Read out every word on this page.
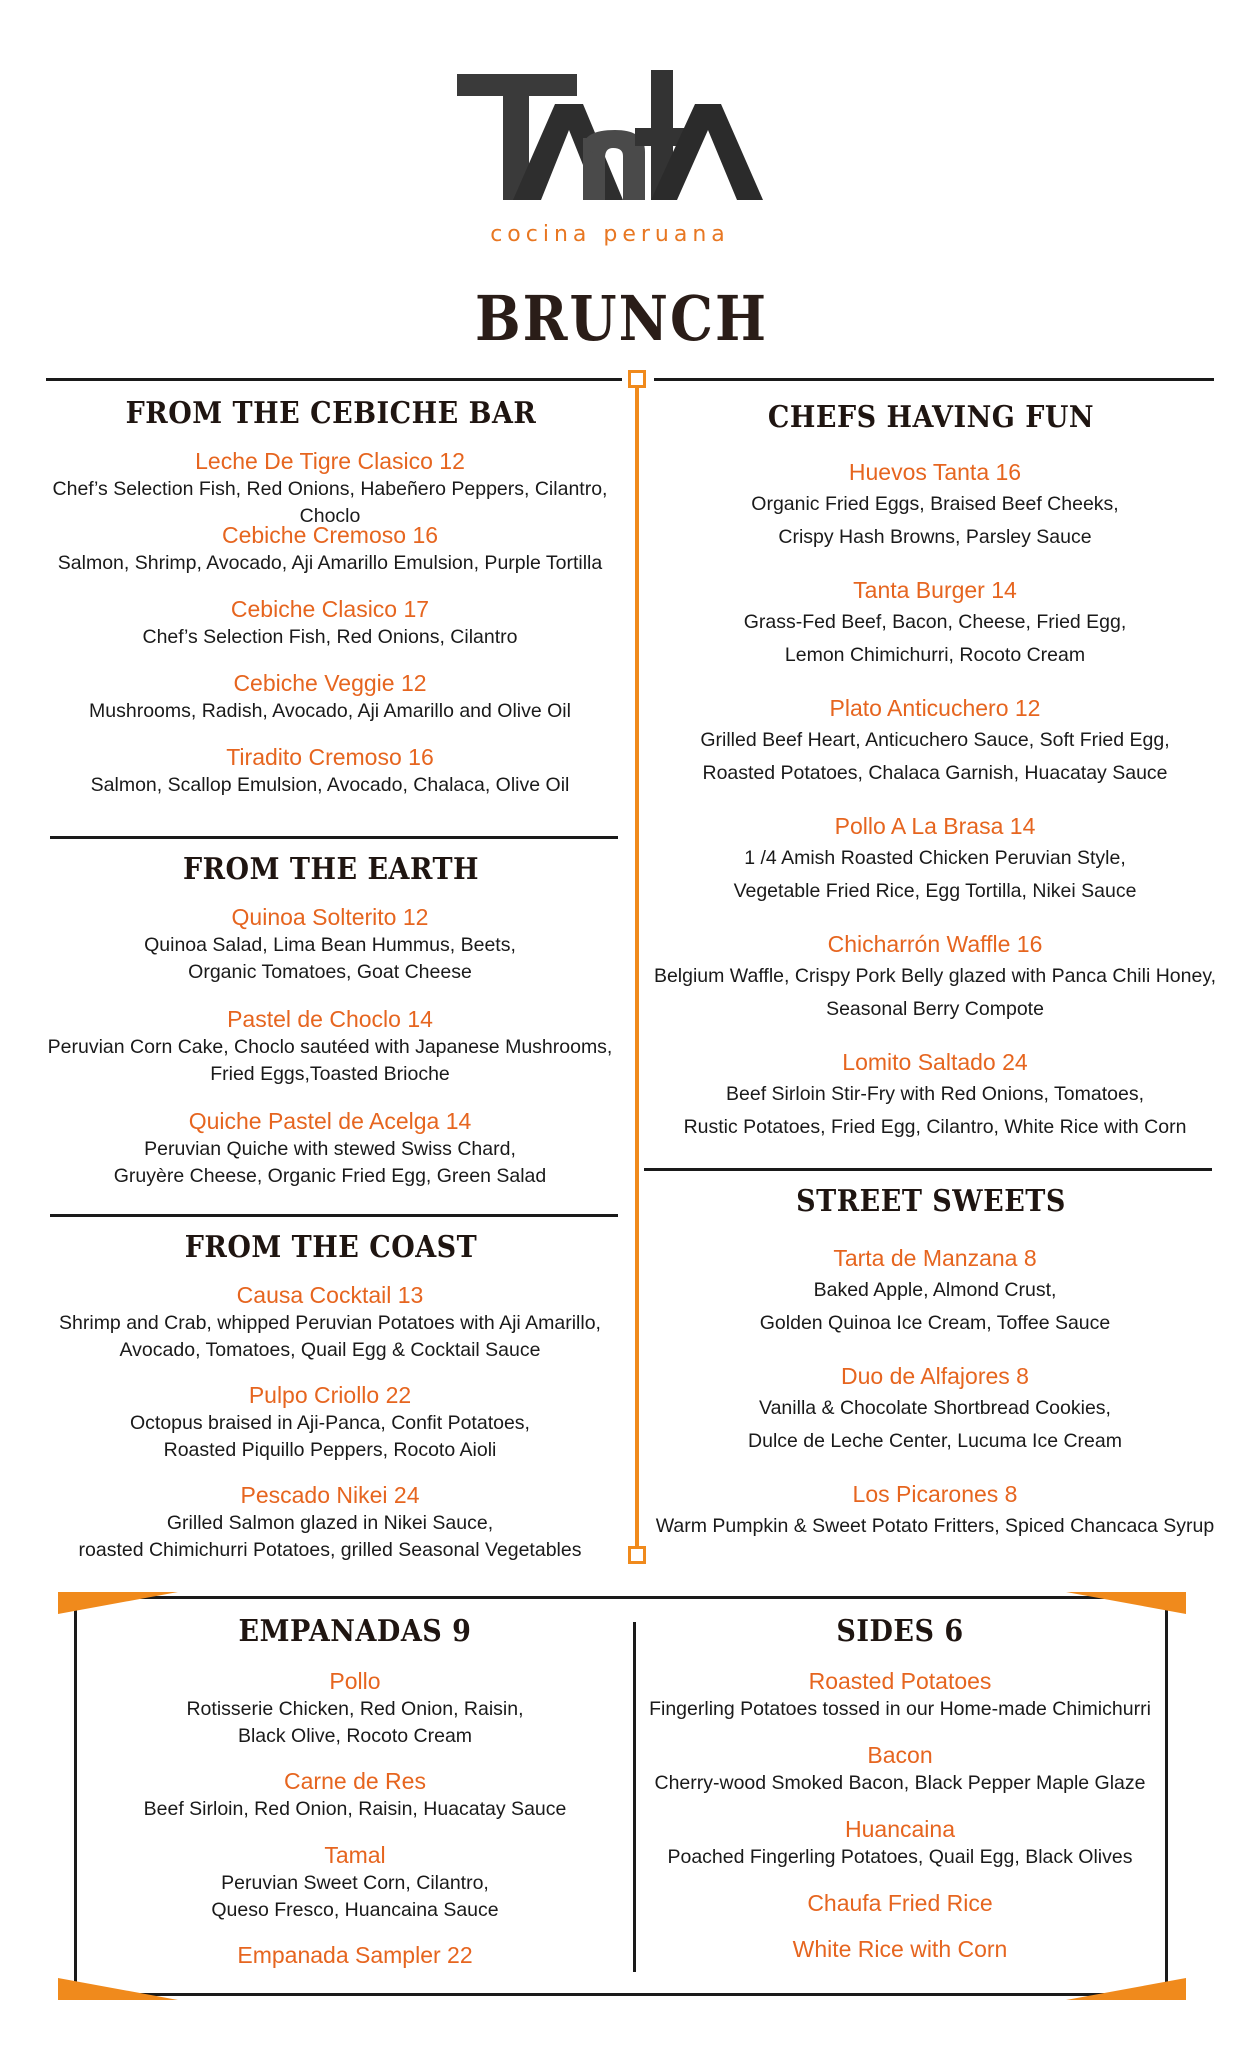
cocina peruana
BRUNCH
FROM THE CEBICHE BAR
Leche De Tigre Clasico 12
Chef’s Selection Fish, Red Onions, Habeñero Peppers, Cilantro, Choclo
Cebiche Cremoso 16
Salmon, Shrimp, Avocado, Aji Amarillo Emulsion, Purple Tortilla
Cebiche Clasico 17
Chef’s Selection Fish, Red Onions, Cilantro
Cebiche Veggie 12
Mushrooms, Radish, Avocado, Aji Amarillo and Olive Oil
Tiradito Cremoso 16
Salmon, Scallop Emulsion, Avocado, Chalaca, Olive Oil
FROM THE EARTH
Quinoa Solterito 12
Quinoa Salad, Lima Bean Hummus, Beets,
Organic Tomatoes, Goat Cheese
Pastel de Choclo 14
Peruvian Corn Cake, Choclo sautéed with Japanese Mushrooms,
Fried Eggs,Toasted Brioche
Quiche Pastel de Acelga 14
Peruvian Quiche with stewed Swiss Chard,
Gruyère Cheese, Organic Fried Egg, Green Salad
FROM THE COAST
Causa Cocktail 13
Shrimp and Crab, whipped Peruvian Potatoes with Aji Amarillo,
Avocado, Tomatoes, Quail Egg & Cocktail Sauce
Pulpo Criollo 22
Octopus braised in Aji-Panca, Confit Potatoes,
Roasted Piquillo Peppers, Rocoto Aioli
Pescado Nikei 24
Grilled Salmon glazed in Nikei Sauce,
roasted Chimichurri Potatoes, grilled Seasonal Vegetables
CHEFS HAVING FUN
Huevos Tanta 16
Organic Fried Eggs, Braised Beef Cheeks,
Crispy Hash Browns, Parsley Sauce
Tanta Burger 14
Grass-Fed Beef, Bacon, Cheese, Fried Egg,
Lemon Chimichurri, Rocoto Cream
Plato Anticuchero 12
Grilled Beef Heart, Anticuchero Sauce, Soft Fried Egg,
Roasted Potatoes, Chalaca Garnish, Huacatay Sauce
Pollo A La Brasa 14
1 /4 Amish Roasted Chicken Peruvian Style,
Vegetable Fried Rice, Egg Tortilla, Nikei Sauce
Chicharrón Waffle 16
Belgium Waffle, Crispy Pork Belly glazed with Panca Chili Honey,
Seasonal Berry Compote
Lomito Saltado 24
Beef Sirloin Stir-Fry with Red Onions, Tomatoes,
Rustic Potatoes, Fried Egg, Cilantro, White Rice with Corn
STREET SWEETS
Tarta de Manzana 8
Baked Apple, Almond Crust,
Golden Quinoa Ice Cream, Toffee Sauce
Duo de Alfajores 8
Vanilla & Chocolate Shortbread Cookies,
Dulce de Leche Center, Lucuma Ice Cream
Los Picarones 8
Warm Pumpkin & Sweet Potato Fritters, Spiced Chancaca Syrup
EMPANADAS 9
Pollo
Rotisserie Chicken, Red Onion, Raisin,
Black Olive, Rocoto Cream
Carne de Res
Beef Sirloin, Red Onion, Raisin, Huacatay Sauce
Tamal
Peruvian Sweet Corn, Cilantro,
Queso Fresco, Huancaina Sauce
Empanada Sampler 22
SIDES 6
Roasted Potatoes
Fingerling Potatoes tossed in our Home-made Chimichurri
Bacon
Cherry-wood Smoked Bacon, Black Pepper Maple Glaze
Huancaina
Poached Fingerling Potatoes, Quail Egg, Black Olives
Chaufa Fried Rice
White Rice with Corn
